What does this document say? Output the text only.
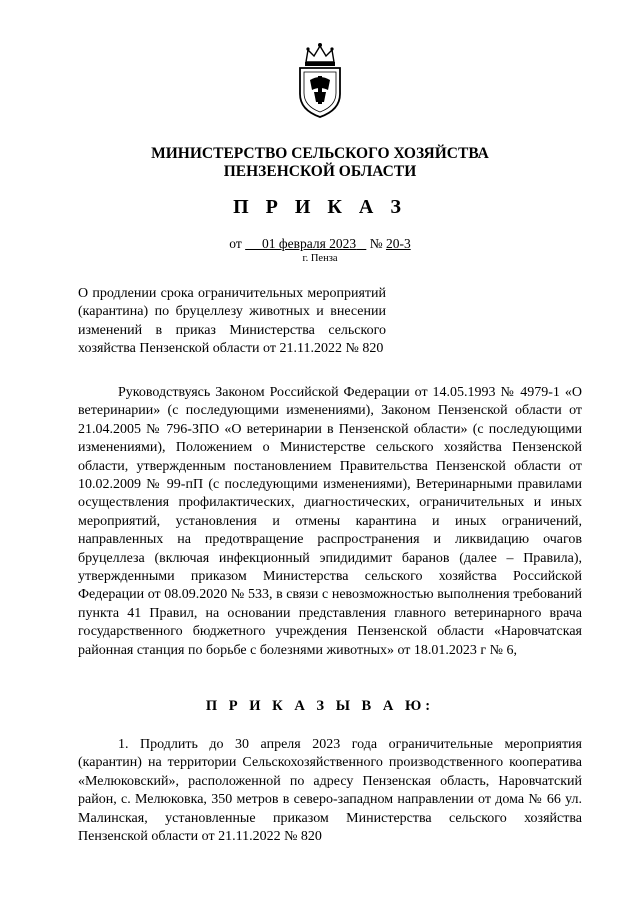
МИНИСТЕРСТВО СЕЛЬСКОГО ХОЗЯЙСТВА
ПЕНЗЕНСКОЙ ОБЛАСТИ
П Р И К А З
от 01 февраля 2023 № 20-3
г. Пенза
О продлении срока ограничительных мероприятий (карантина) по бруцеллезу животных и внесении изменений в приказ Министерства сельского хозяйства Пензенской области от 21.11.2022 № 820
Руководствуясь Законом Российской Федерации от 14.05.1993 № 4979-1 «О ветеринарии» (с последующими изменениями), Законом Пензенской области от 21.04.2005 № 796-ЗПО «О ветеринарии в Пензенской области» (с последующими изменениями), Положением о Министерстве сельского хозяйства Пензенской области, утвержденным постановлением Правительства Пензенской области от 10.02.2009 № 99-пП (с последующими изменениями), Ветеринарными правилами осуществления профилактических, диагностических, ограничительных и иных мероприятий, установления и отмены карантина и иных ограничений, направленных на предотвращение распространения и ликвидацию очагов бруцеллеза (включая инфекционный эпидидимит баранов (далее – Правила), утвержденными приказом Министерства сельского хозяйства Российской Федерации от 08.09.2020 № 533, в связи с невозможностью выполнения требований пункта 41 Правил, на основании представления главного ветеринарного врача государственного бюджетного учреждения Пензенской области «Наровчатская районная станция по борьбе с болезнями животных» от 18.01.2023 г № 6,
П Р И К А З Ы В А Ю:
1. Продлить до 30 апреля 2023 года ограничительные мероприятия (карантин) на территории Сельскохозяйственного производственного кооператива «Мелюковский», расположенной по адресу Пензенская область, Наровчатский район, с. Мелюковка, 350 метров в северо-западном направлении от дома № 66 ул. Малинская, установленные приказом Министерства сельского хозяйства Пензенской области от 21.11.2022 № 820
